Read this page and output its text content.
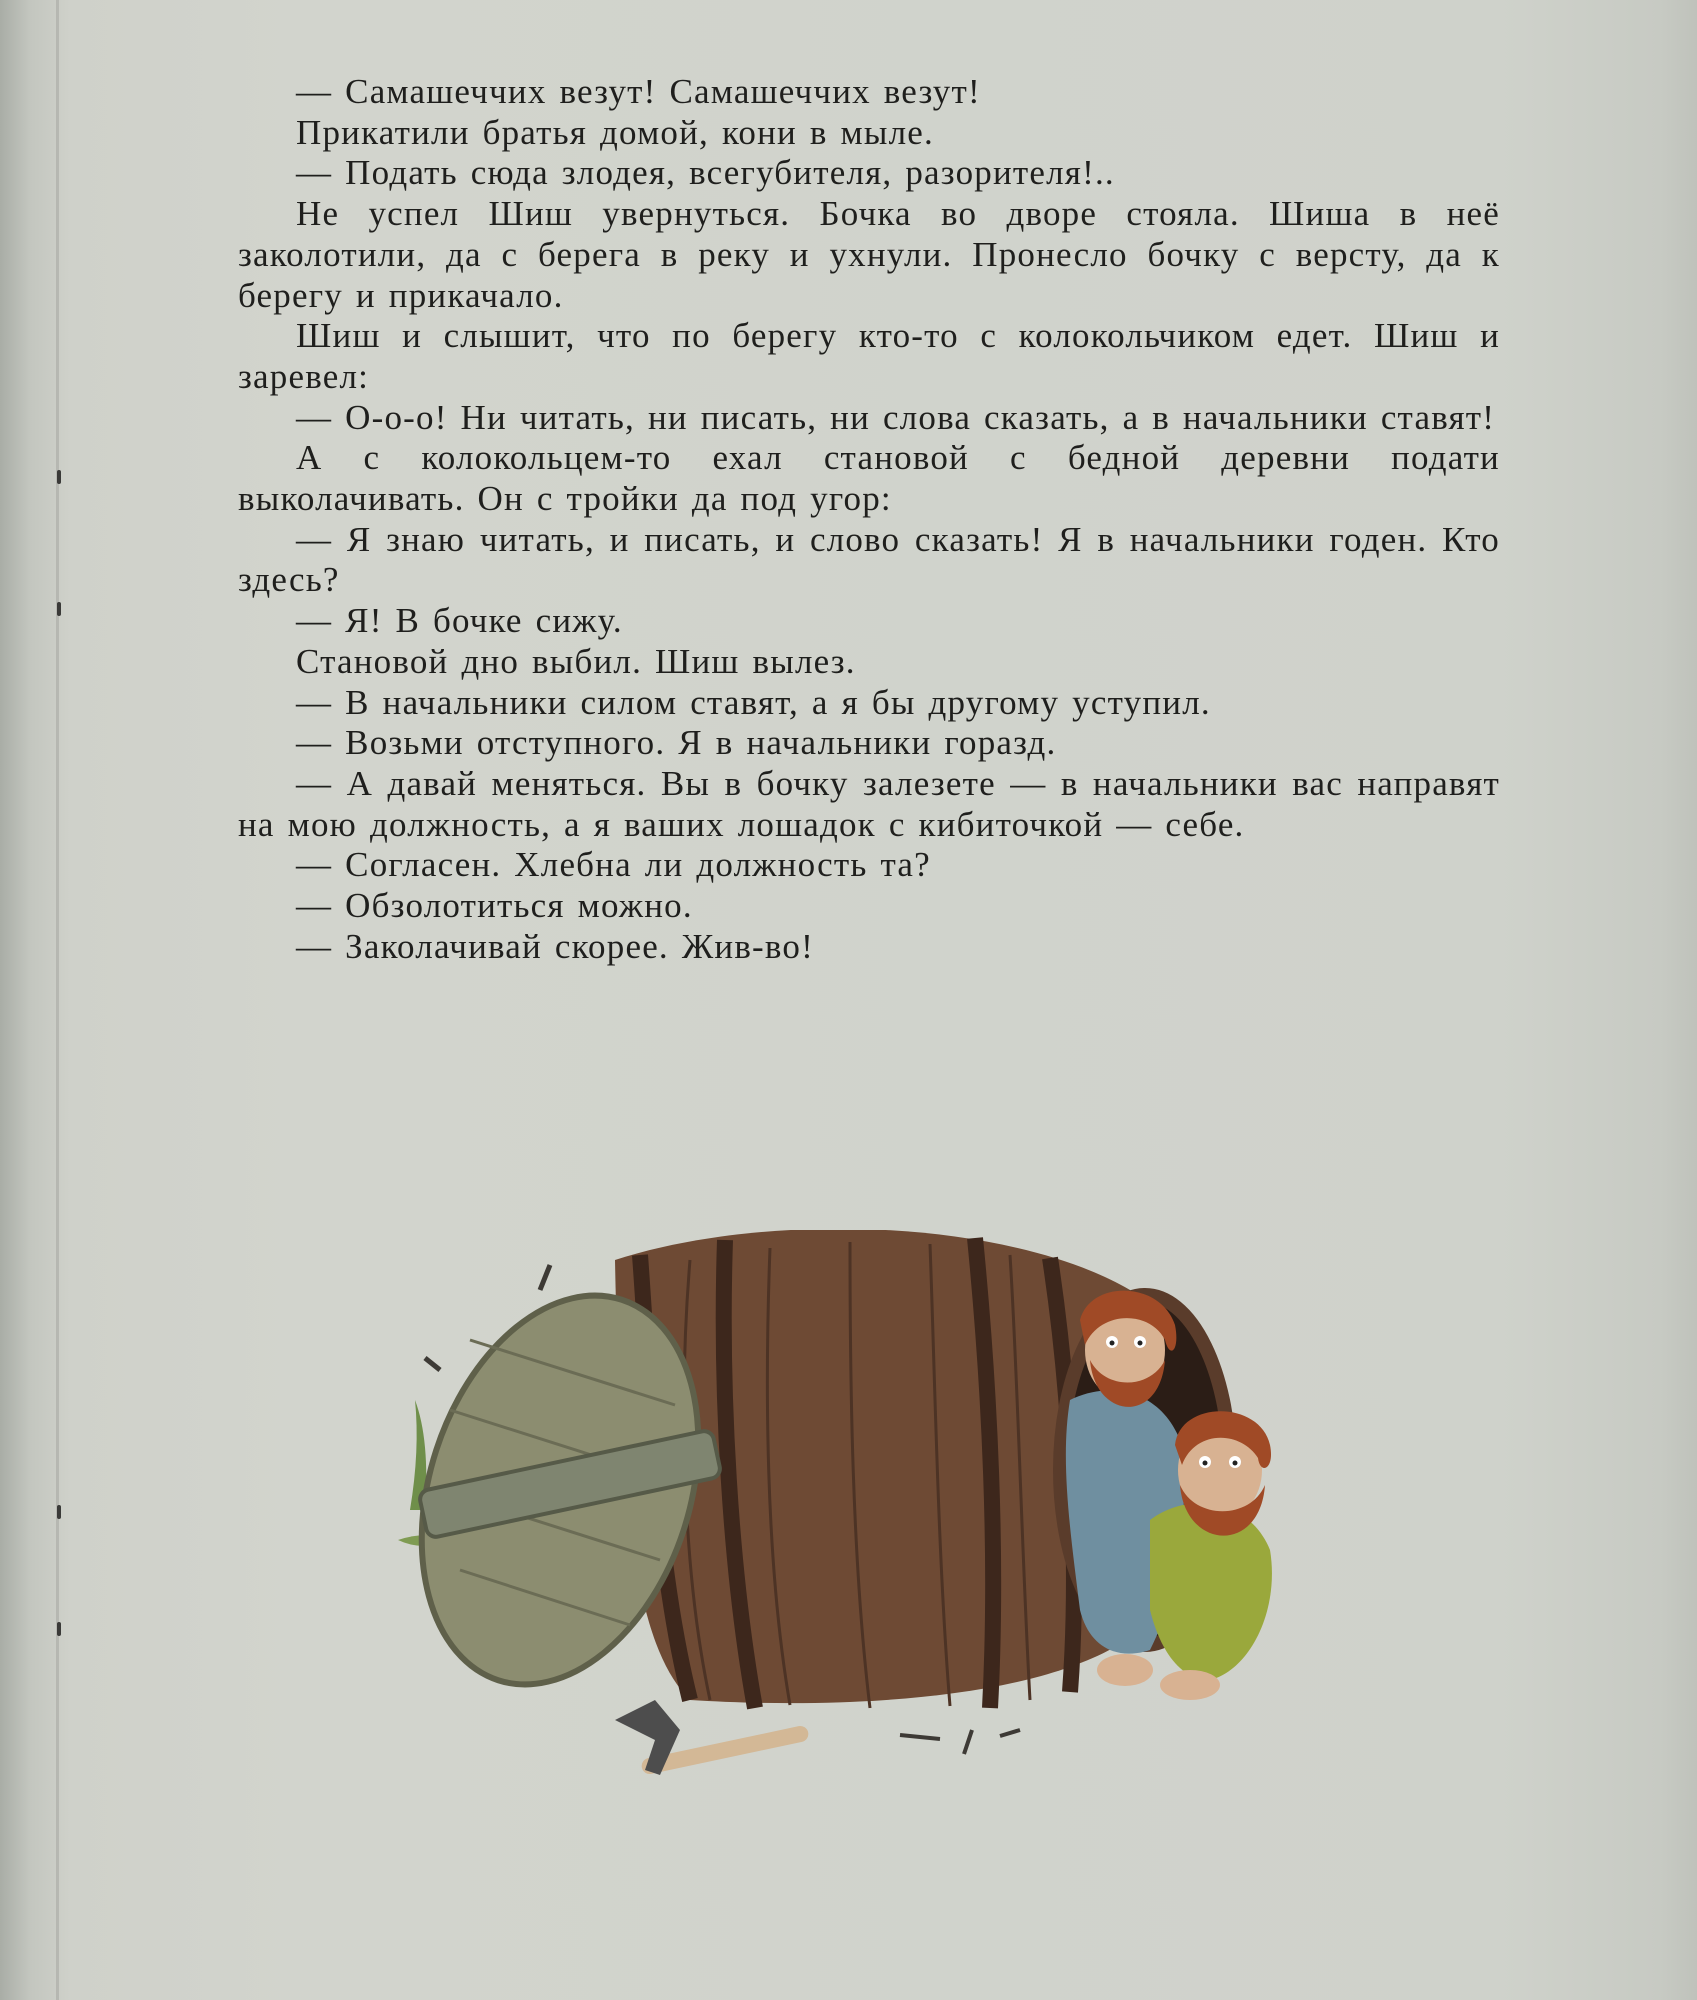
— Самашеччих везут! Самашеччих везут!

Прикатили братья домой, кони в мыле.

— Подать сюда злодея, всегубителя, разорителя!..

Не успел Шиш увернуться. Бочка во дворе стояла. Шиша в неё заколотили, да с берега в реку и ухнули. Пронесло бочку с версту, да к берегу и прикачало.

Шиш и слышит, что по берегу кто-то с колокольчиком едет. Шиш и заревел:

— О-о-о! Ни читать, ни писать, ни слова сказать, а в начальники ставят!

А с колокольцем-то ехал становой с бедной деревни подати выколачивать. Он с тройки да под угор:

— Я знаю читать, и писать, и слово сказать! Я в начальники годен. Кто здесь?

— Я! В бочке сижу.

Становой дно выбил. Шиш вылез.

— В начальники силом ставят, а я бы другому уступил.

— Возьми отступного. Я в начальники горазд.

— А давай меняться. Вы в бочку залезете — в начальники вас направят на мою должность, а я ваших лошадок с кибиточкой — себе.

— Согласен. Хлебна ли должность та?

— Обзолотиться можно.

— Заколачивай скорее. Жив-во!
